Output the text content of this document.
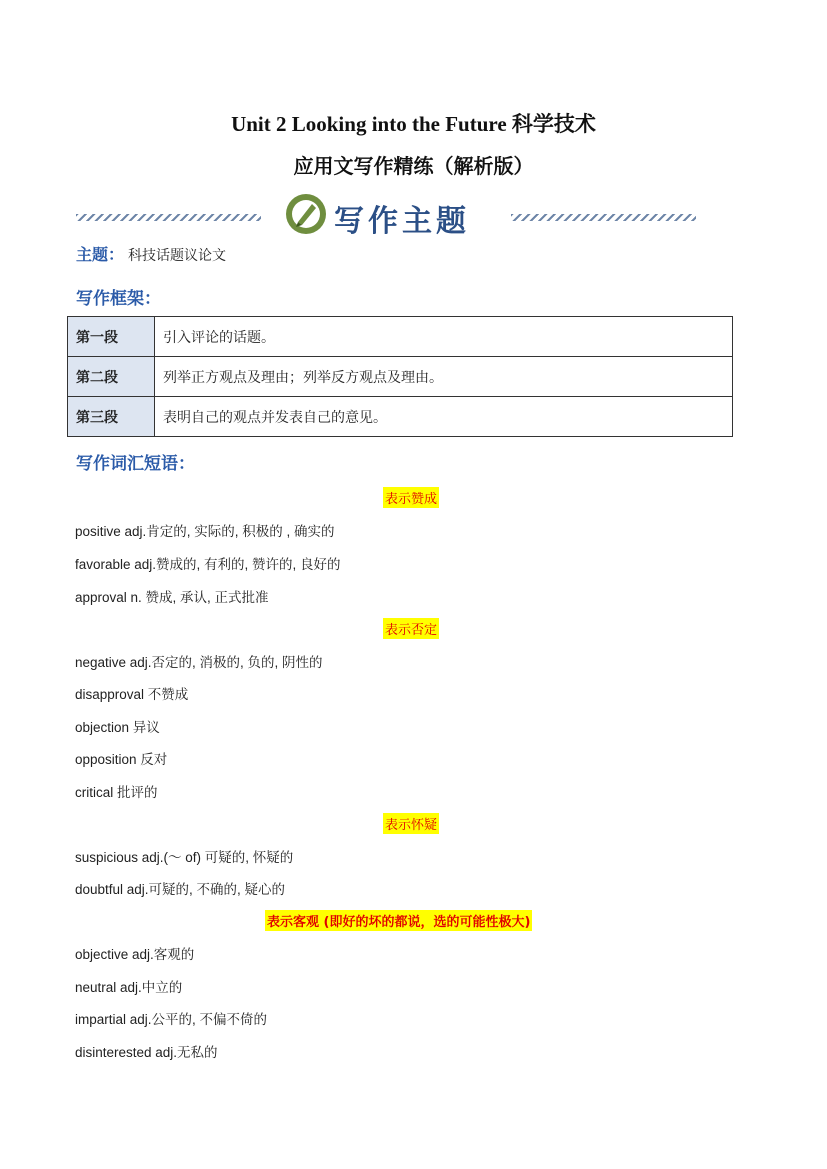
Unit 2 Looking into the Future 科学技术
应用文写作精练（解析版）
写作主题
主题： 科技话题议论文
写作框架：
第一段	引入评论的话题。
第二段	列举正方观点及理由；列举反方观点及理由。
第三段	表明自己的观点并发表自己的意见。
写作词汇短语：
表示赞成
positive adj.肯定的, 实际的, 积极的 , 确实的
favorable adj.赞成的, 有利的, 赞许的, 良好的
approval n. 赞成, 承认, 正式批准
表示否定
negative adj.否定的, 消极的, 负的, 阴性的
disapproval 不赞成
objection 异议
opposition 反对
critical 批评的
表示怀疑
suspicious adj.(～ of) 可疑的, 怀疑的
doubtful adj.可疑的, 不确的, 疑心的
表示客观 (即好的坏的都说，选的可能性极大)
objective adj.客观的
neutral adj.中立的
impartial adj.公平的, 不偏不倚的
disinterested adj.无私的
